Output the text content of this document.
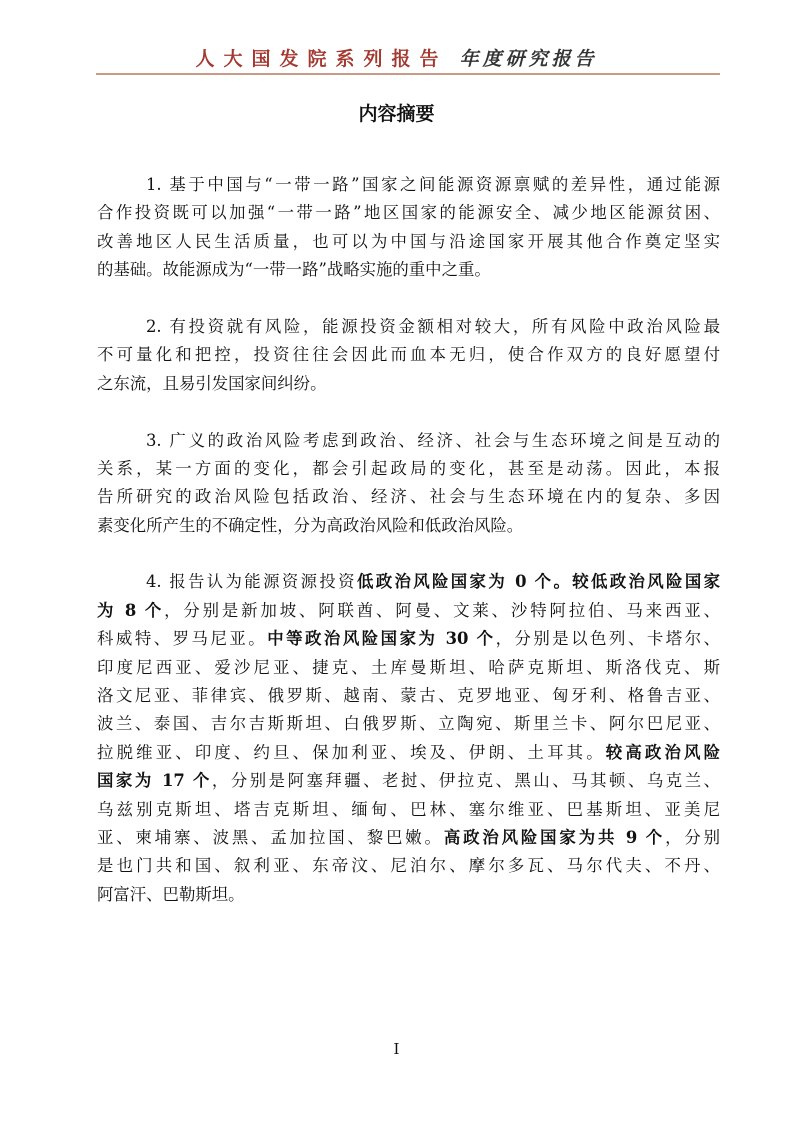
人大国发院系列报告 年度研究报告
内容摘要
1. 基于中国与“一带一路”国家之间能源资源禀赋的差异性，通过能源
合作投资既可以加强“一带一路”地区国家的能源安全、减少地区能源贫困、
改善地区人民生活质量，也可以为中国与沿途国家开展其他合作奠定坚实
的基础。故能源成为“一带一路”战略实施的重中之重。
2. 有投资就有风险，能源投资金额相对较大，所有风险中政治风险最
不可量化和把控，投资往往会因此而血本无归，使合作双方的良好愿望付
之东流，且易引发国家间纠纷。
3. 广义的政治风险考虑到政治、经济、社会与生态环境之间是互动的
关系，某一方面的变化，都会引起政局的变化，甚至是动荡。因此，本报
告所研究的政治风险包括政治、经济、社会与生态环境在内的复杂、多因
素变化所产生的不确定性，分为高政治风险和低政治风险。
4. 报告认为能源资源投资低政治风险国家为 0 个。较低政治风险国家
为 8 个，分别是新加坡、阿联酋、阿曼、文莱、沙特阿拉伯、马来西亚、
科威特、罗马尼亚。中等政治风险国家为 30 个，分别是以色列、卡塔尔、
印度尼西亚、爱沙尼亚、捷克、土库曼斯坦、哈萨克斯坦、斯洛伐克、斯
洛文尼亚、菲律宾、俄罗斯、越南、蒙古、克罗地亚、匈牙利、格鲁吉亚、
波兰、泰国、吉尔吉斯斯坦、白俄罗斯、立陶宛、斯里兰卡、阿尔巴尼亚、
拉脱维亚、印度、约旦、保加利亚、埃及、伊朗、土耳其。较高政治风险
国家为 17 个，分别是阿塞拜疆、老挝、伊拉克、黑山、马其顿、乌克兰、
乌兹别克斯坦、塔吉克斯坦、缅甸、巴林、塞尔维亚、巴基斯坦、亚美尼
亚、柬埔寨、波黑、孟加拉国、黎巴嫩。高政治风险国家为共 9 个，分别
是也门共和国、叙利亚、东帝汶、尼泊尔、摩尔多瓦、马尔代夫、不丹、
阿富汗、巴勒斯坦。
I
